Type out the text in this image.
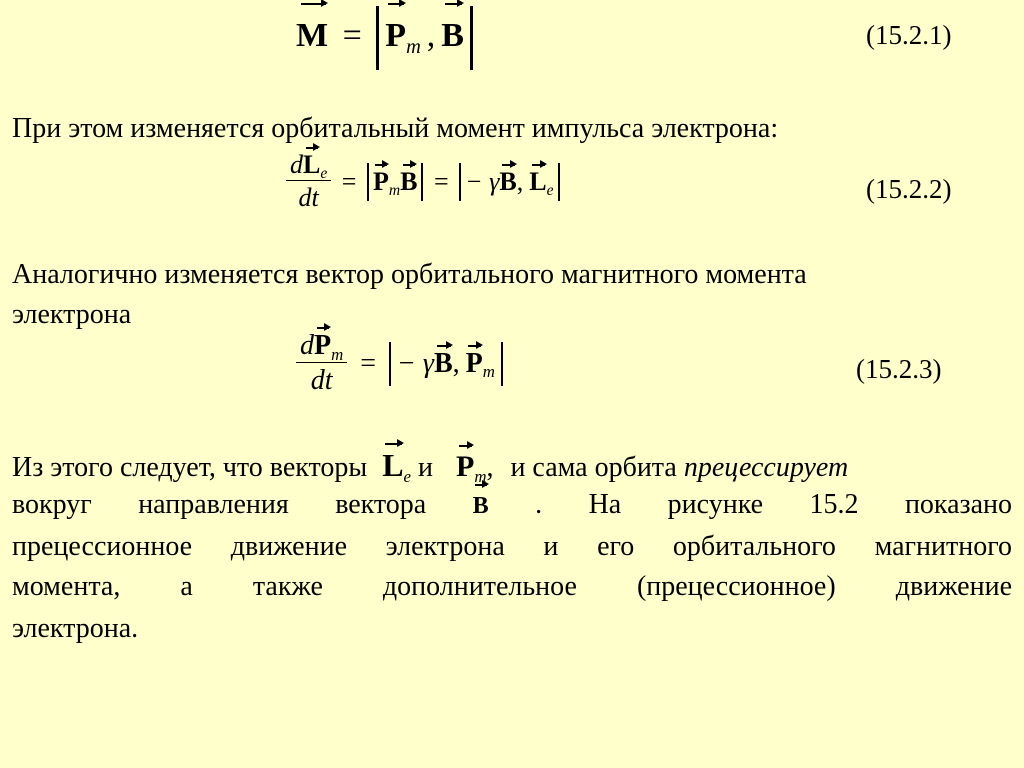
$M = P_m$ , B	(15.2.1)
При этом изменяется орбитальный момент импульса электрона:
$\frac{dL_e}{dt} = P_mB$ = − γB, $L_e$	(15.2.2)
Аналогично изменяется вектор орбитального магнитного момента
электрона
$\frac{dP_m}{dt}$ = − γB, $P_m$	(15.2.3)
Из этого следует, что векторы $L_e$ и $P_m$, и сама орбита прецессирует
вокруг направления вектора B . На рисунке 15.2 показано
прецессионное движение электрона и его орбитального магнитного
момента, а также дополнительное (прецессионное) движение
электрона.
